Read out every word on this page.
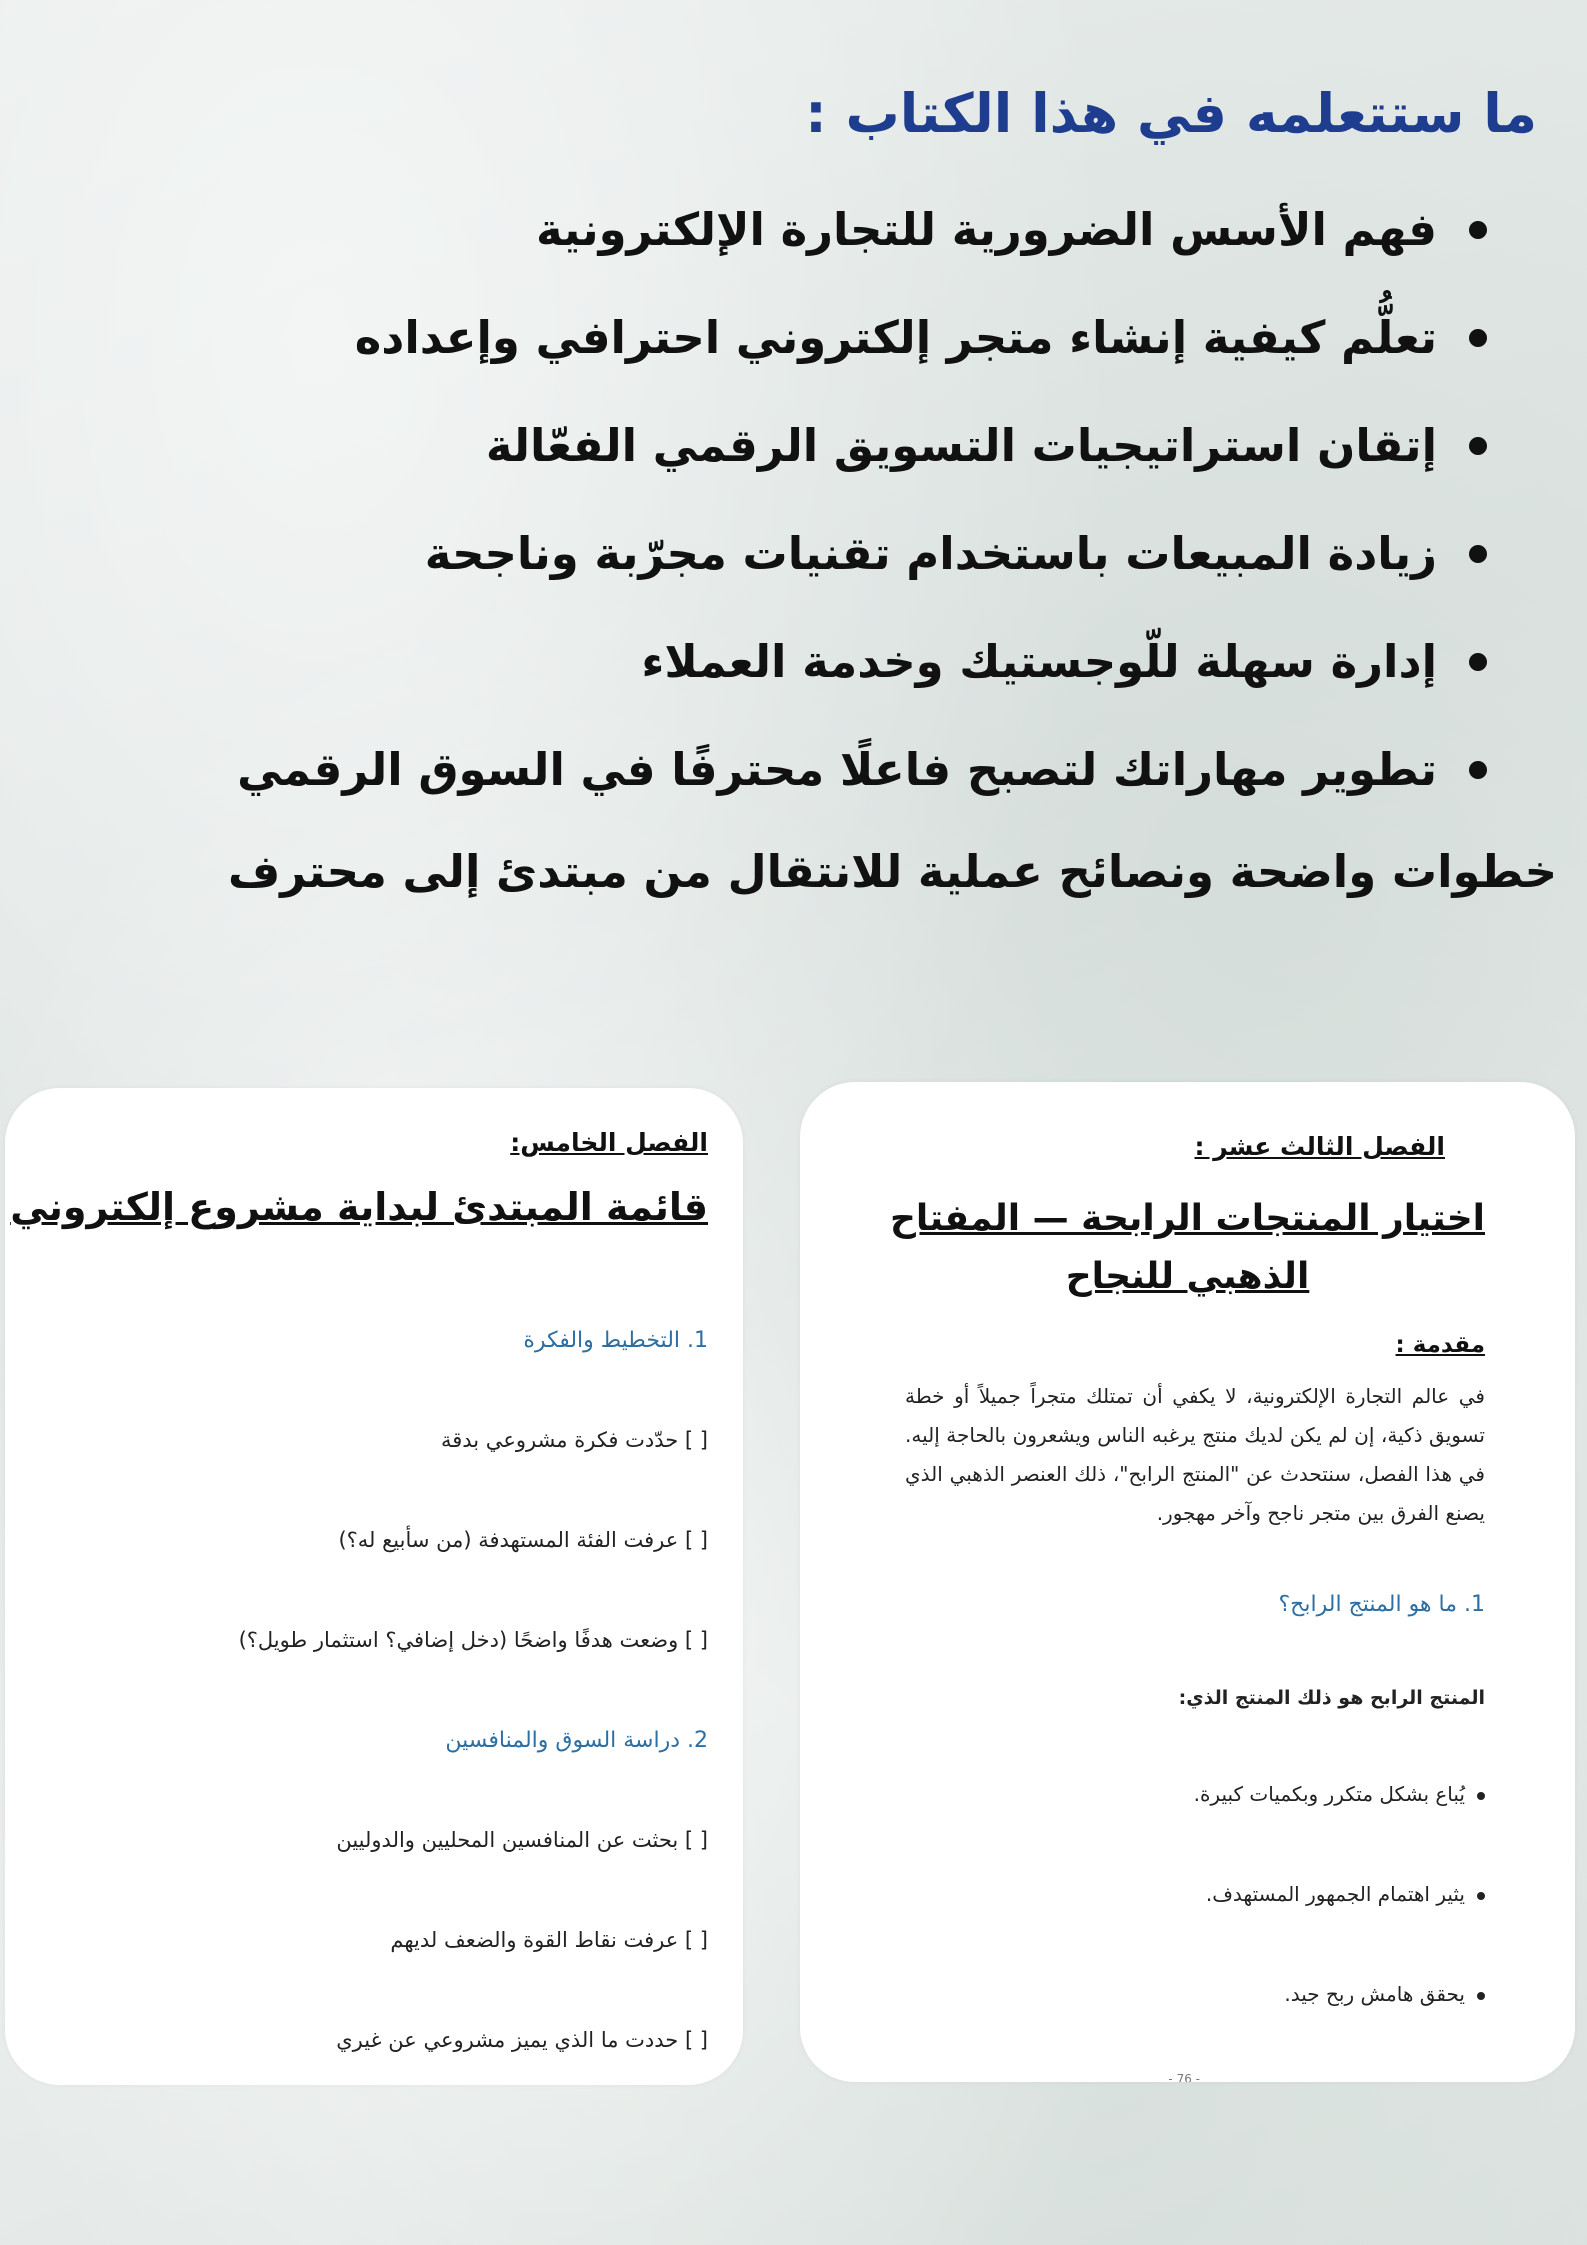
ما ستتعلمه في هذا الكتاب :
فهم الأسس الضرورية للتجارة الإلكترونية
تعلُّم كيفية إنشاء متجر إلكتروني احترافي وإعداده
إتقان استراتيجيات التسويق الرقمي الفعّالة
زيادة المبيعات باستخدام تقنيات مجرّبة وناجحة
إدارة سهلة للّوجستيك وخدمة العملاء
تطوير مهاراتك لتصبح فاعلًا محترفًا في السوق الرقمي
خطوات واضحة ونصائح عملية للانتقال من مبتدئ إلى محترف
الفصل الخامس:
قائمة المبتدئ لبداية مشروع إلكتروني
1. التخطيط والفكرة
[ ] حدّدت فكرة مشروعي بدقة
[ ] عرفت الفئة المستهدفة (من سأبيع له؟)
[ ] وضعت هدفًا واضحًا (دخل إضافي؟ استثمار طويل؟)
2. دراسة السوق والمنافسين
[ ] بحثت عن المنافسين المحليين والدوليين
[ ] عرفت نقاط القوة والضعف لديهم
[ ] حددت ما الذي يميز مشروعي عن غيري
الفصل الثالث عشر :
اختيار المنتجات الرابحة — المفتاح
الذهبي للنجاح
مقدمة :
في عالم التجارة الإلكترونية، لا يكفي أن تمتلك متجراً جميلاً أو خطة تسويق ذكية، إن لم يكن لديك منتج يرغبه الناس ويشعرون بالحاجة إليه. في هذا الفصل، سنتحدث عن "المنتج الرابح"، ذلك العنصر الذهبي الذي يصنع الفرق بين متجر ناجح وآخر مهجور.
1. ما هو المنتج الرابح؟
المنتج الرابح هو ذلك المنتج الذي:
يُباع بشكل متكرر وبكميات كبيرة.
يثير اهتمام الجمهور المستهدف.
يحقق هامش ربح جيد.
- 76 -
